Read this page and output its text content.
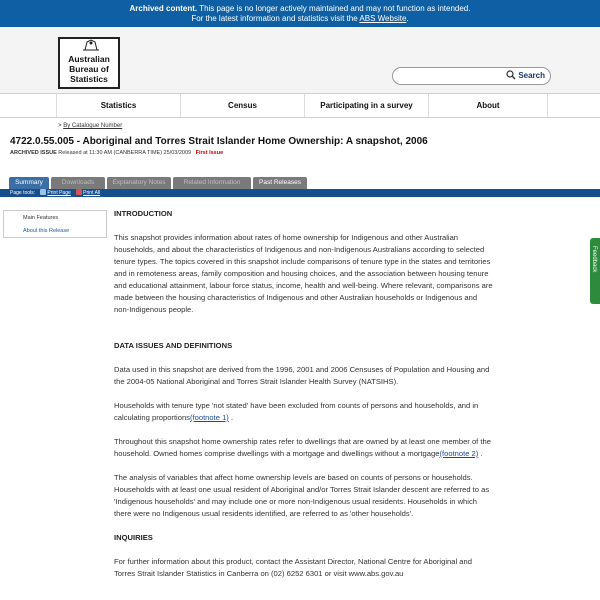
Archived content. This page is no longer actively maintained and may not function as intended.
For the latest information and statistics visit the ABS Website.
Australian
Bureau of
Statistics	Search
Statistics	Census	Participating in a survey	About
> By Catalogue Number
4722.0.55.005 - Aboriginal and Torres Strait Islander Home Ownership: A snapshot, 2006
ARCHIVED ISSUE Released at 11:30 AM (CANBERRA TIME) 25/03/2009 First Issue
Summary	Downloads	Explanatory Notes	Related Information	Past Releases
Page tools: Print Page Print All
Main Features
About this Release
INTRODUCTION

This snapshot provides information about rates of home ownership for Indigenous and other Australian households, and about the characteristics of Indigenous and non-Indigenous Australians according to selected tenure types. The topics covered in this snapshot include comparisons of tenure type in the states and territories and in remoteness areas, family composition and housing choices, and the association between housing tenure and educational attainment, labour force status, income, health and well-being. Where relevant, comparisons are made between the housing characteristics of Indigenous and other Australian households or Indigenous and non-Indigenous people.

DATA ISSUES AND DEFINITIONS

Data used in this snapshot are derived from the 1996, 2001 and 2006 Censuses of Population and Housing and the 2004-05 National Aboriginal and Torres Strait Islander Health Survey (NATSIHS).

Households with tenure type 'not stated' have been excluded from counts of persons and households, and in calculating proportions(footnote 1) .

Throughout this snapshot home ownership rates refer to dwellings that are owned by at least one member of the household. Owned homes comprise dwellings with a mortgage and dwellings without a mortgage(footnote 2) .

The analysis of variables that affect home ownership levels are based on counts of persons or households. Households with at least one usual resident of Aboriginal and/or Torres Strait Islander descent are referred to as 'Indigenous households' and may include one or more non-Indigenous usual residents. Households in which there were no Indigenous usual residents identified, are referred to as 'other households'.

INQUIRIES

For further information about this product, contact the Assistant Director, National Centre for Aboriginal and Torres Strait Islander Statistics in Canberra on (02) 6252 6301 or visit www.abs.gov.au

Feedback
